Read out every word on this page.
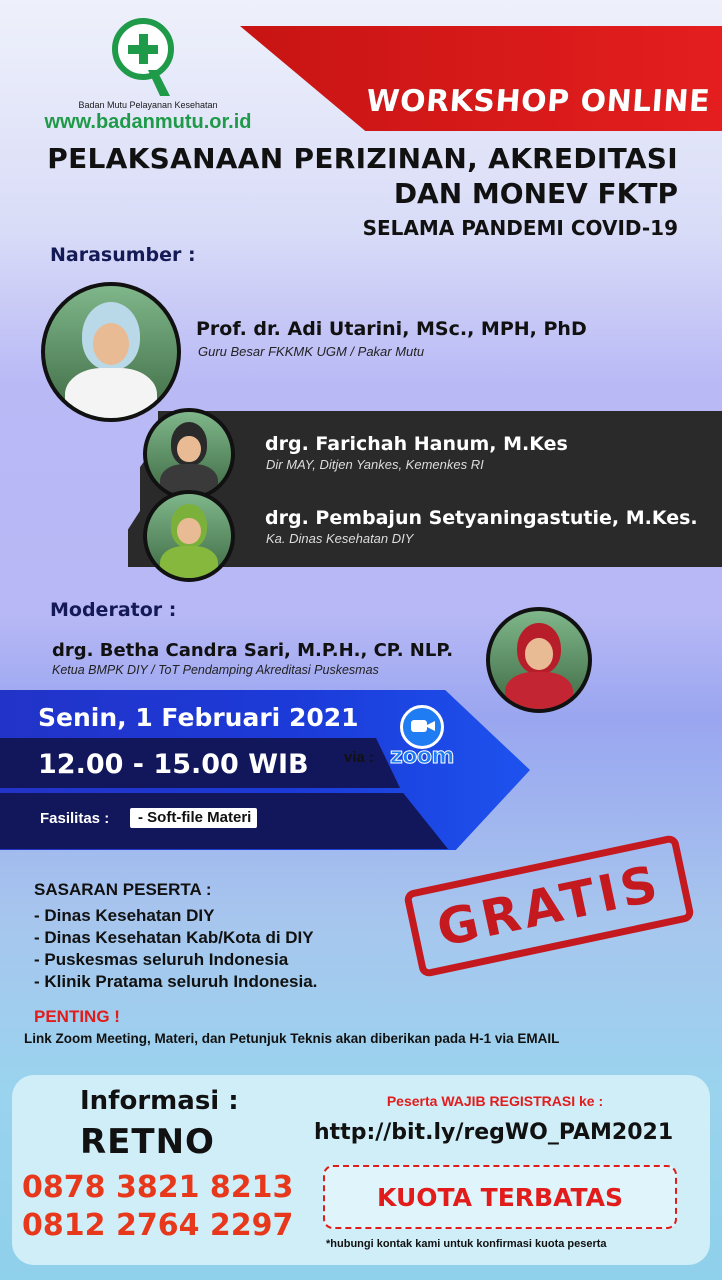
Badan Mutu Pelayanan Kesehatan
www.badanmutu.or.id
WORKSHOP ONLINE
PELAKSANAAN PERIZINAN, AKREDITASI
DAN MONEV FKTP
SELAMA PANDEMI COVID-19
Narasumber :
Prof. dr. Adi Utarini, MSc., MPH, PhD
Guru Besar FKKMK UGM / Pakar Mutu
drg. Farichah Hanum, M.Kes
Dir MAY, Ditjen Yankes, Kemenkes RI
drg. Pembajun Setyaningastutie, M.Kes.
Ka. Dinas Kesehatan DIY
Moderator :
drg. Betha Candra Sari, M.P.H., CP. NLP.
Ketua BMPK DIY / ToT Pendamping Akreditasi Puskesmas
Senin, 1 Februari 2021
12.00 - 15.00 WIB via : zoom
Fasilitas :	- Soft-file Materi
GRATIS
SASARAN PESERTA :
- Dinas Kesehatan DIY
- Dinas Kesehatan Kab/Kota di DIY
- Puskesmas seluruh Indonesia
- Klinik Pratama seluruh Indonesia.
PENTING !
Link Zoom Meeting, Materi, dan Petunjuk Teknis akan diberikan pada H-1 via EMAIL
Informasi :
RETNO
0878 3821 8213
0812 2764 2297
Peserta WAJIB REGISTRASI ke :
http://bit.ly/regWO_PAM2021
KUOTA TERBATAS
*hubungi kontak kami untuk konfirmasi kuota peserta
